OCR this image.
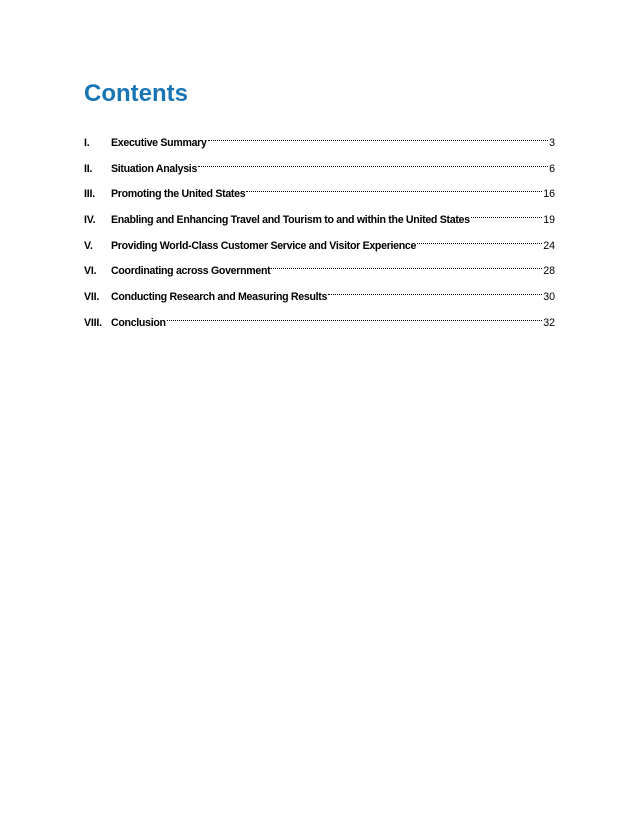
Contents
I.	Executive Summary	3
II.	Situation Analysis	6
III.	Promoting the United States	16
IV.	Enabling and Enhancing Travel and Tourism to and within the United States	19
V.	Providing World-Class Customer Service and Visitor Experience	24
VI.	Coordinating across Government	28
VII.	Conducting Research and Measuring Results	30
VIII. Conclusion	32
